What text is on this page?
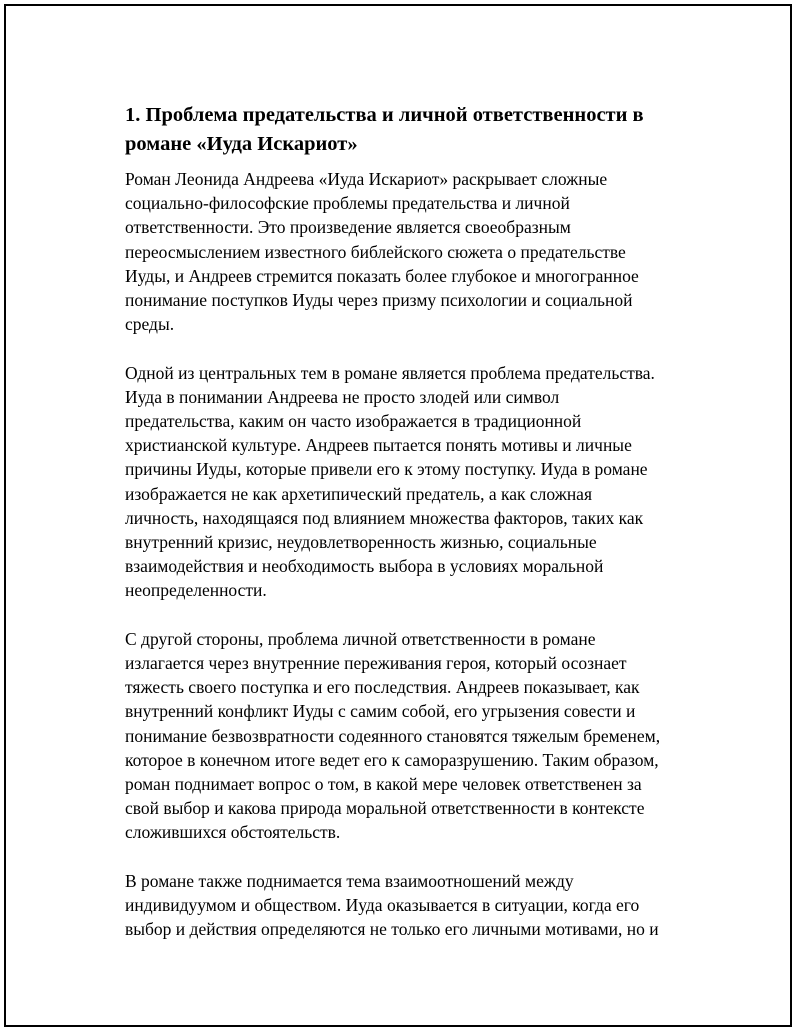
1. Проблема предательства и личной ответственности в
романе «Иуда Искариот»

Роман Леонида Андреева «Иуда Искариот» раскрывает сложные
социально-философские проблемы предательства и личной
ответственности. Это произведение является своеобразным
переосмыслением известного библейского сюжета о предательстве
Иуды, и Андреев стремится показать более глубокое и многогранное
понимание поступков Иуды через призму психологии и социальной
среды.

Одной из центральных тем в романе является проблема предательства.
Иуда в понимании Андреева не просто злодей или символ
предательства, каким он часто изображается в традиционной
христианской культуре. Андреев пытается понять мотивы и личные
причины Иуды, которые привели его к этому поступку. Иуда в романе
изображается не как архетипический предатель, а как сложная
личность, находящаяся под влиянием множества факторов, таких как
внутренний кризис, неудовлетворенность жизнью, социальные
взаимодействия и необходимость выбора в условиях моральной
неопределенности.

С другой стороны, проблема личной ответственности в романе
излагается через внутренние переживания героя, который осознает
тяжесть своего поступка и его последствия. Андреев показывает, как
внутренний конфликт Иуды с самим собой, его угрызения совести и
понимание безвозвратности содеянного становятся тяжелым бременем,
которое в конечном итоге ведет его к саморазрушению. Таким образом,
роман поднимает вопрос о том, в какой мере человек ответственен за
свой выбор и какова природа моральной ответственности в контексте
сложившихся обстоятельств.

В романе также поднимается тема взаимоотношений между
индивидуумом и обществом. Иуда оказывается в ситуации, когда его
выбор и действия определяются не только его личными мотивами, но и
